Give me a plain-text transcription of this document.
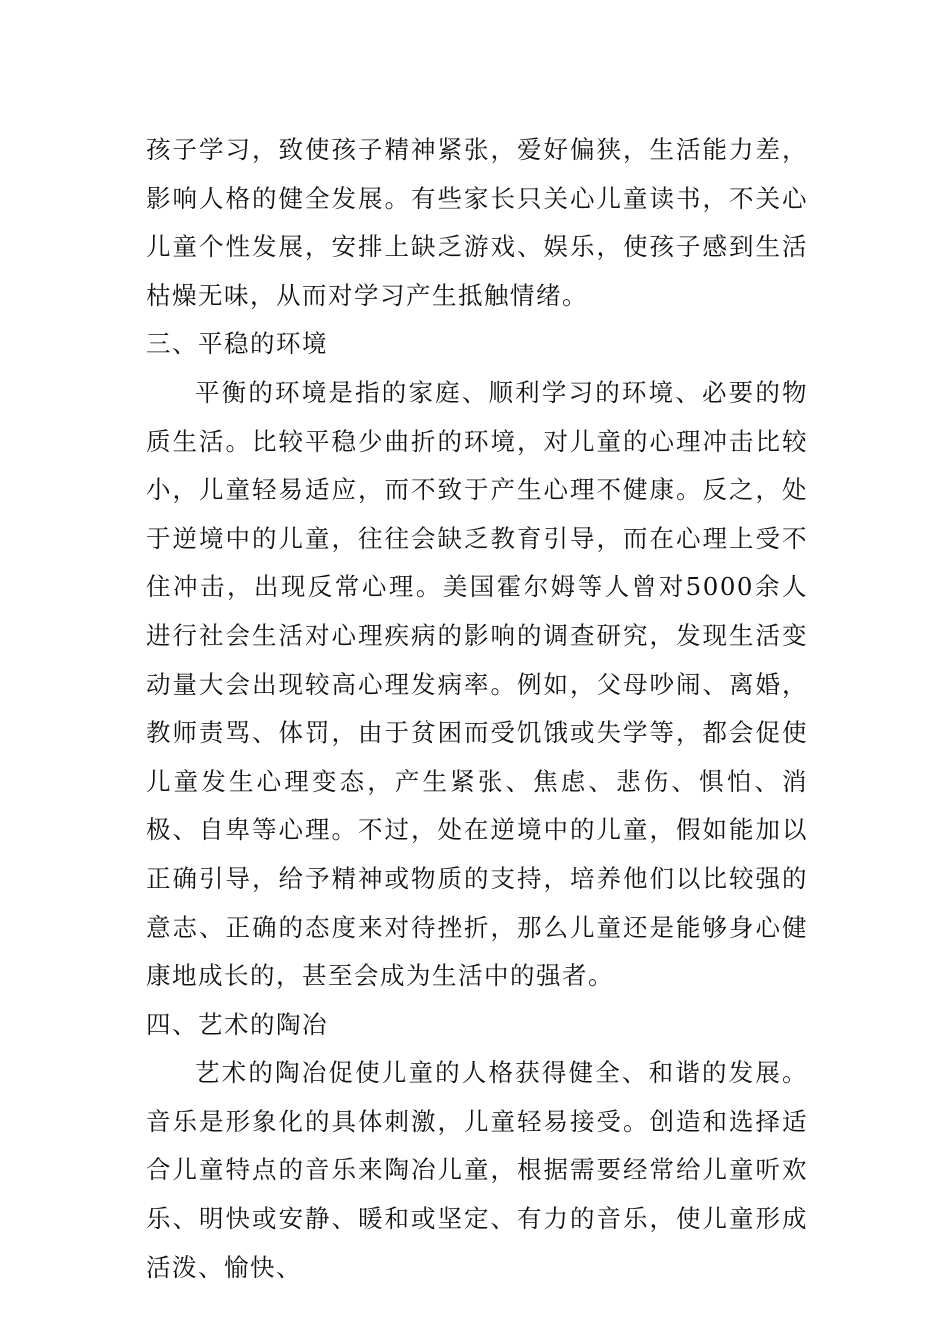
孩子学习，致使孩子精神紧张，爱好偏狭，生活能力差，影响人格的健全发展。有些家长只关心儿童读书，不关心儿童个性发展，安排上缺乏游戏、娱乐，使孩子感到生活枯燥无味，从而对学习产生抵触情绪。

三、平稳的环境

平衡的环境是指的家庭、顺利学习的环境、必要的物质生活。比较平稳少曲折的环境，对儿童的心理冲击比较小，儿童轻易适应，而不致于产生心理不健康。反之，处于逆境中的儿童，往往会缺乏教育引导，而在心理上受不住冲击，出现反常心理。美国霍尔姆等人曾对5000余人进行社会生活对心理疾病的影响的调查研究，发现生活变动量大会出现较高心理发病率。例如，父母吵闹、离婚，教师责骂、体罚，由于贫困而受饥饿或失学等，都会促使儿童发生心理变态，产生紧张、焦虑、悲伤、惧怕、消极、自卑等心理。不过，处在逆境中的儿童，假如能加以正确引导，给予精神或物质的支持，培养他们以比较强的意志、正确的态度来对待挫折，那么儿童还是能够身心健康地成长的，甚至会成为生活中的强者。

四、艺术的陶冶

艺术的陶冶促使儿童的人格获得健全、和谐的发展。音乐是形象化的具体刺激，儿童轻易接受。创造和选择适合儿童特点的音乐来陶冶儿童，根据需要经常给儿童听欢乐、明快或安静、暖和或坚定、有力的音乐，使儿童形成活泼、愉快、
